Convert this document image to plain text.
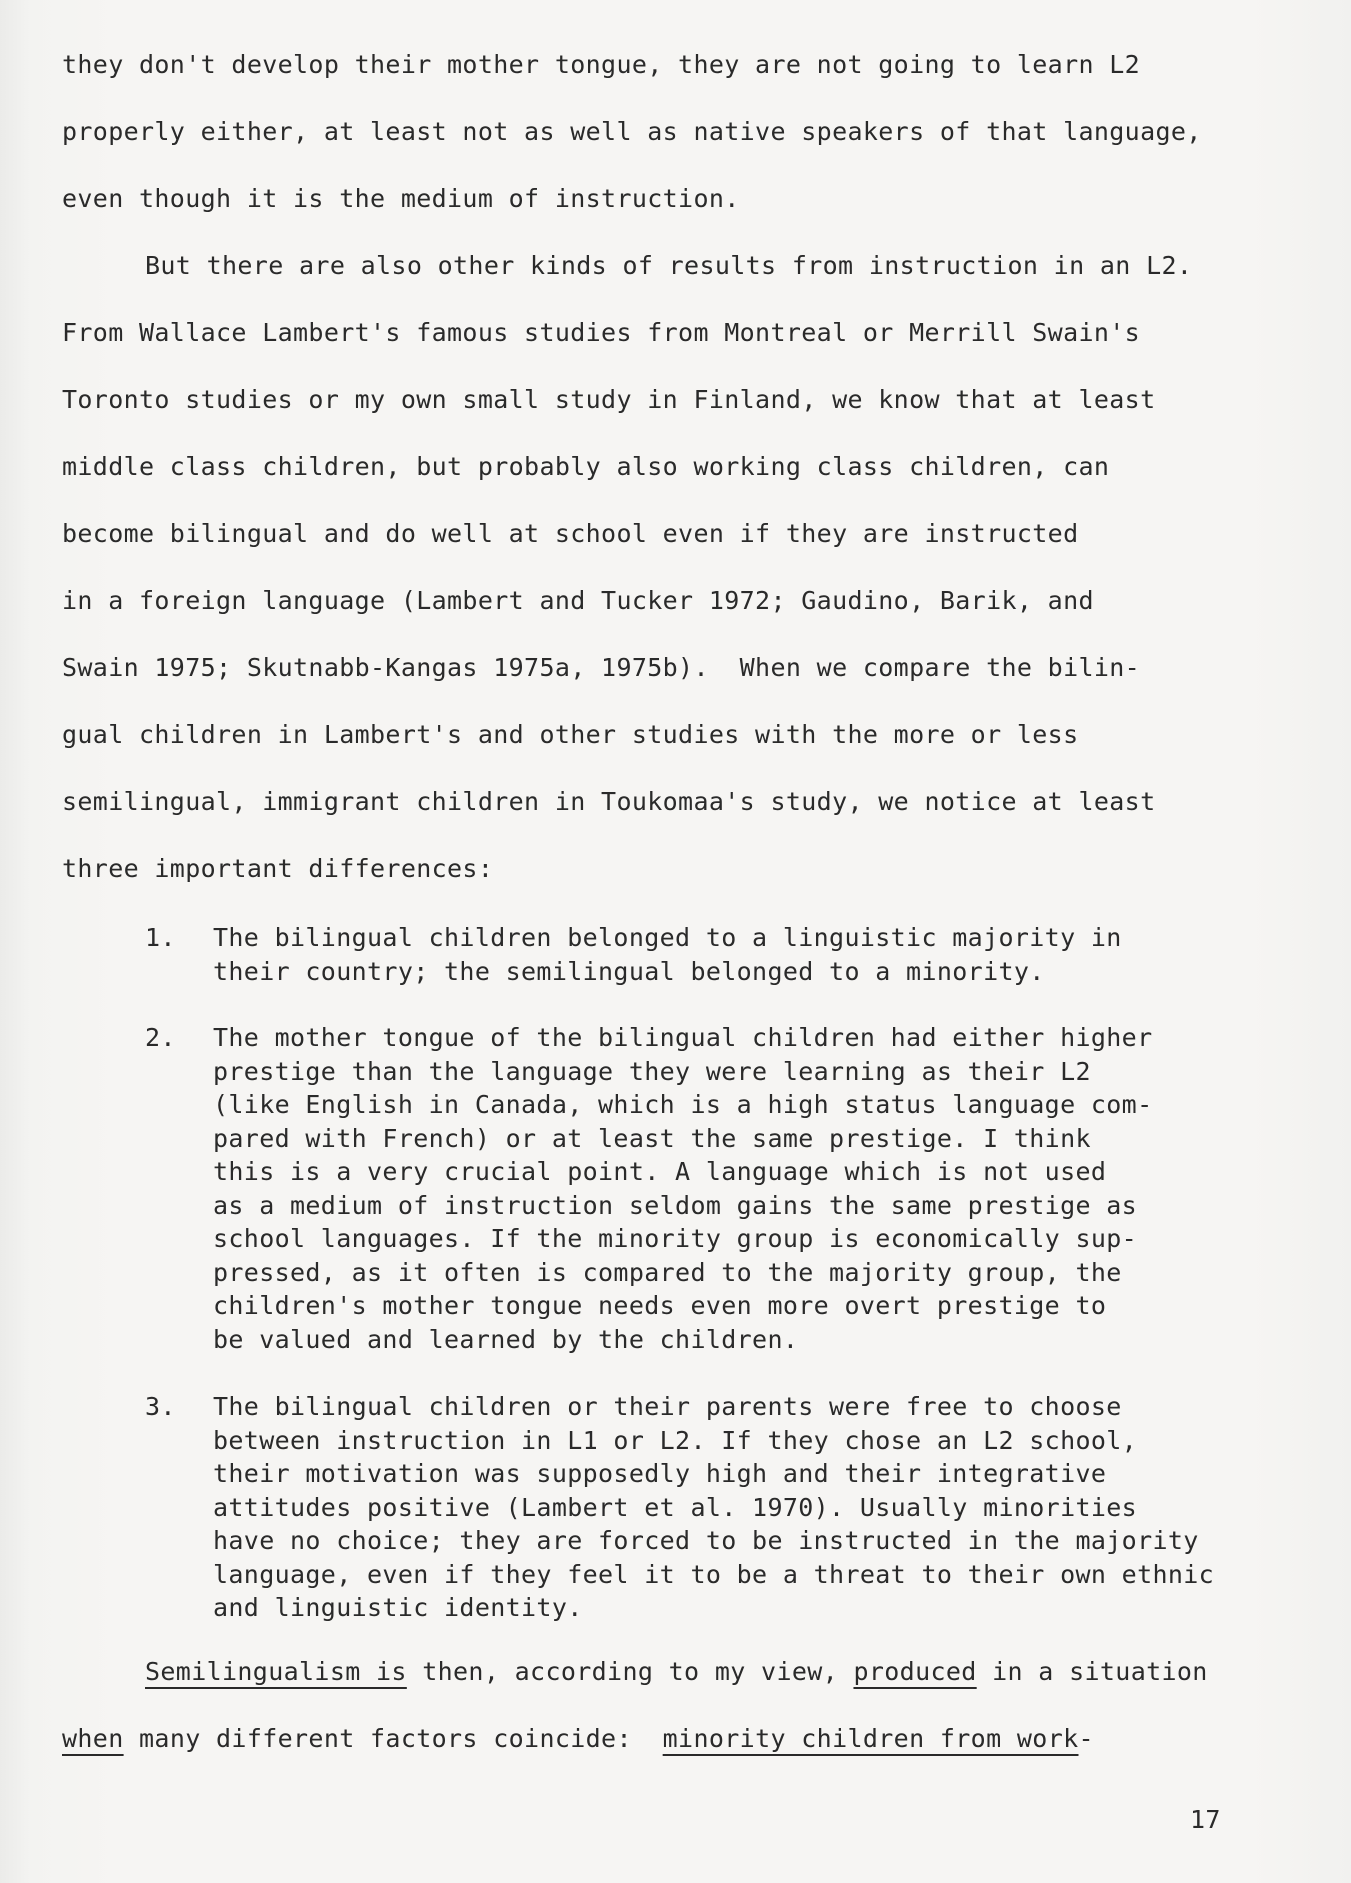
they don't develop their mother tongue, they are not going to learn L2
properly either, at least not as well as native speakers of that language,
even though it is the medium of instruction.
But there are also other kinds of results from instruction in an L2.
From Wallace Lambert's famous studies from Montreal or Merrill Swain's
Toronto studies or my own small study in Finland, we know that at least
middle class children, but probably also working class children, can
become bilingual and do well at school even if they are instructed
in a foreign language (Lambert and Tucker 1972; Gaudino, Barik, and
Swain 1975; Skutnabb-Kangas 1975a, 1975b).  When we compare the bilin-
gual children in Lambert's and other studies with the more or less
semilingual, immigrant children in Toukomaa's study, we notice at least
three important differences:
1. The bilingual children belonged to a linguistic majority in
their country; the semilingual belonged to a minority.
2. The mother tongue of the bilingual children had either higher
prestige than the language they were learning as their L2
(like English in Canada, which is a high status language com-
pared with French) or at least the same prestige. I think
this is a very crucial point. A language which is not used
as a medium of instruction seldom gains the same prestige as
school languages. If the minority group is economically sup-
pressed, as it often is compared to the majority group, the
children's mother tongue needs even more overt prestige to
be valued and learned by the children.
3. The bilingual children or their parents were free to choose
between instruction in L1 or L2. If they chose an L2 school,
their motivation was supposedly high and their integrative
attitudes positive (Lambert et al. 1970). Usually minorities
have no choice; they are forced to be instructed in the majority
language, even if they feel it to be a threat to their own ethnic
and linguistic identity.
Semilingualism is then, according to my view, produced in a situation
when many different factors coincide:  minority children from work-
17
